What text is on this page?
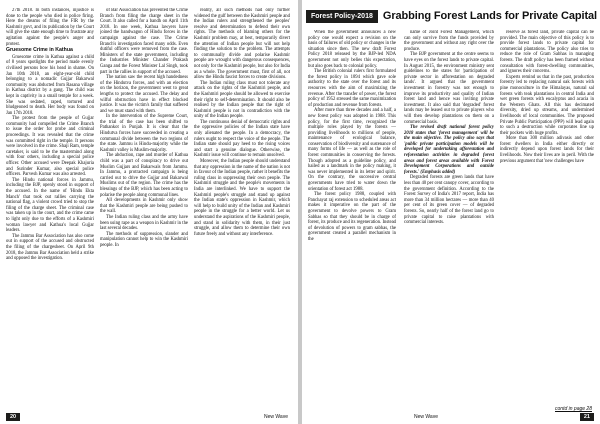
27th 2018. In both instances, injustice is done to the people who died in police firing. Here the dreams of filing the FIR by the Kashmir govt, and its publication by the Court will give the state enough time to frustrate any agitation against the people's anger and protest.

Gruesome Crime in Kathua

Gruesome crime in Kathua against a child of 8 years spotlights the period made evenly civilised persons bow his head in shame. On Jan 10th 2018, an eight-year-old child belonging to a nomadic Gujjar Bakarwal community was abducted from Rasana village in Kathua district by a gang. The child was kept in captivity in a small temple for a week. She was sedated, raped, tortured and bludgeoned to death. Her body was found on Jan 17th 2018.

The protest from the people of Gujjar community had compelled the Crime Branch to issue the order for probe and criminal proceedings. It was revealed that the crime was committed right in the temple. It persons were involved in the crime. Shaji Ram, temple caretaker, is said to be the mastermind along with four others, including a special police officer. Other accused were Deepak Khajuria and Surinder Kumar, also special police officers. Parvesh Kumar was also arrested.

The Hindu national forces in Jammu, including the BJP, openly stood in support of the accused. In the name of 'Hindu Ekta Manch' that took out rallies carrying the national flag, a violent crowd tried to stop the filing of the charge sheet. The criminal case was taken up in the court, and the crime came to light only due to the efforts of a Kashmiri woman lawyer and Kathua's local Gujjar leaders.

The Jammu Bar Association has also come out in support of the accused and obstructed the filing of the chargesheet. On April 9th 2018, the Jammu Bar Association held a strike and opposed the investigation.

of Bar Association has prevented the Crime Branch from filing the charge sheet in the Court. It also called for a bandh on April 11th 2018. In one week, Kathua lawyers have joined the bandwagon of Hindu forces in the campaign against the case. The Crime Branch's investigation faced many odds. Even dutiful officers were removed from the case. Ministers of the state government, including the Industries Minister Chander Prakash Ganga and the Forest Minister Lal Singh, took part in the rallies in support of the accused.

The nation saw the recent high handedness of the Hindutva forces, and with an election on the horizon, the government went to great lengths to protect the accused. The delay and wilful obstruction have in effect blocked justice. It was the victim's family that suffered and we must stand with them.

In the intervention of the Supreme Court, the trial of the case has been shifted to Pathankot in Punjab. It is clear that the Hindutva forces have succeeded in creating a communal divide between the two regions of the state. Jammu is Hindu-majority while the Kashmir valley is Muslim-majority.

The abduction, rape and murder of Kathua child was a part of conspiracy to drive out Muslim Gujjars and Bakarwals from Jammu. In Jammu, a protracted campaign is being carried out to drive the Gujjar and Bakarwal Muslims out of the region. The crime has the blessings of the BJP, which has been acting to polarise the people along communal lines.

All developments in Kashmir only show that the Kashmiri people are being pushed to the wall.

The Indian ruling class and the army have been using rape as a weapon in Kashmir in the last several decades.

The methods of suppression, slander and manipulation cannot help to win the Kashmiri people. In

reality, all such methods had only further widened the gulf between the Kashmiri people and the Indian rulers and strengthened the peoples' resolve and determination to defend their own rights. The methods of blaming others for the Kashmir problem may, at best, temporarily divert the attention of Indian people but will not help finding the solution to the problem. The attempts to communally divide and polarise Kashmir people are wrought with dangerous consequences, not only for the Kashmiri people, but also for India as a whole. The government must, first of all, not allow the Hindu fascist forces to create divisions.

The Indian ruling class must not tolerate any attack on the rights of the Kashmiri people, and the Kashmiri people should be allowed to exercise their right to self-determination. It should also be realised by the Indian people that the right of Kashmiri people is not in contradiction with the unity of the Indian people.

The continuous denial of democratic rights and the oppressive policies of the Indian state have only alienated the people. In a democracy, the rulers ought to respect the voice of the people. The Indian state should pay heed to the rising voices and start a genuine dialogue. Otherwise, the Kashmir issue will continue to remain unsolved.

Moreover, the Indian people should understand that any oppression in the name of the nation is not in favour of the Indian people, rather it benefits the ruling class in suppressing their own people. The Kashmiri struggle and the people's movements in India are interlinked. We have to support the Kashmiri people's struggle and stand up against the Indian state's oppression in Kashmir, which will help to build unity of the Indian and Kashmiri people in the struggle for a better world. Let us understand the aspirations of the Kashmiri people, and stand in solidarity with them, in their just struggle, and allow them to determine their own future freely and without any interference.

20	New Wave
Forest Policy-2018 Grabbing Forest Lands for Private Capital

When the government announces a new policy one would expect a revision on the basis of failures of old policy or changes in the situation since then. The new draft Forest Policy 2018 released by the BJP-led NDA government not only belies this expectation, but also goes back to colonial policy.

The British colonial rulers first formulated the forest policy in 1894 which gave sole authority to the state over the forest and its resources with the aim of maximizing the revenue. After the transfer of power, the forest policy of 1952 stressed the same maximization of production and revenue from forests.

After more than three decades and a half, a new forest policy was adopted in 1988. This policy, for the first time, recognized the multiple roles played by the forests — providing livelihoods to millions of people, maintenance of ecological balance, conservation of biodiversity and sustenance of many forms of life — as well as the role of forest communities in conserving the forests. Though adopted as a guideline policy, and hailed as a landmark in the policy making, it was never implemented in its letter and spirit. On the contrary, the successive central governments have tried to water down the orientation of forest act 1988.

The forest policy 1988, coupled with Panchayat raj extension to scheduled areas act makes it imperative on the part of the government to devolve powers to Gram Sabhas so that they should be in charge of forest, its produce and its regeneration. Instead of devolution of powers to gram sabhas, the government created a parallel mechanism in the

name of Joint Forest Management, which can only survive from the funds provided by the government and without any right over the produce.

The BJP government at the centre seems to have eyes on the forest lands to private capital. In August 2015, the environment ministry sent guidelines to the states for 'participation of private sector in afforestation on degraded lands'. It argued that the government investment in forestry was not enough to improve its productivity and quality of Indian forest land and hence was inviting private investment. It also said that 'degraded' forest lands may be leased out to private players who will then develop plantations on them on a commercial basis.

The revised draft national forest policy 2018 states that 'forest management' will be the main objective. The policy also says that 'public private participation models will be developed for undertaking afforestation and reforestation activities in degraded forest areas and forest areas available with Forest Development Corporations and outside forests.' (Emphasis added)

Degraded forests are green lands that have less than 40 per cent canopy cover, according to the government definition. According to the Forest Survey of India's 2017 report, India has more than 34 million hectares — more than 40 per cent of its green cover — of degraded forests. So, nearly half of the forest land go to private capital to raise plantations with commercial interests.

reserve as forest land, private capital can be provided. The main objective of this policy is to provide forest lands to private capital for commercial plantations. The policy also tries to reduce the role of Gram Sabhas in managing forests. The draft policy has been framed without consultation with forest-dwelling communities, and ignores their concerns.

Experts remind us that in the past, production forestry led to replacing natural oak forests with pine monoculture in the Himalayas, natural sal forests with teak plantations in central India and wet green forests with eucalyptus and acacia in the Western Ghats. All this has decimated diversity, dried up streams, and undermined livelihoods of local communities. The proposed Private Public Participation (PPP) will lead again to such a destruction while corporates line up their pockets with huge profits.

More than 300 million adivasis and other forest dwellers in India either directly or indirectly depend upon forest lands for their livelihoods. Now their lives are in peril. With the previous argument that 'new challenges have

contd in page 28
New Wave	21
